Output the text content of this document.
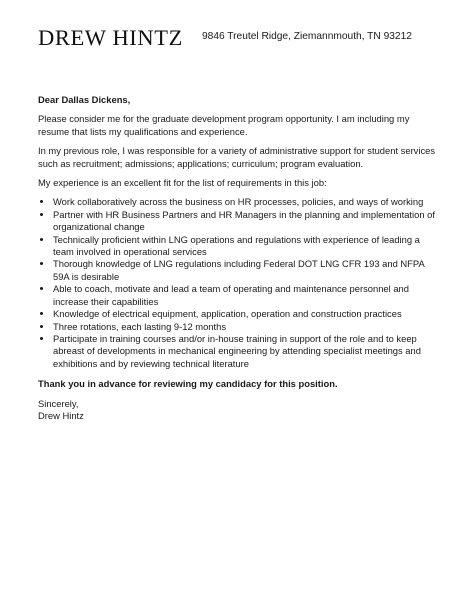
DREW HINTZ 9846 Treutel Ridge, Ziemannmouth, TN 93212
Dear Dallas Dickens,

Please consider me for the graduate development program opportunity. I am including my resume that lists my qualifications and experience.

In my previous role, I was responsible for a variety of administrative support for student services such as recruitment; admissions; applications; curriculum; program evaluation.

My experience is an excellent fit for the list of requirements in this job:

• Work collaboratively across the business on HR processes, policies, and ways of working
• Partner with HR Business Partners and HR Managers in the planning and implementation of organizational change
• Technically proficient within LNG operations and regulations with experience of leading a team involved in operational services
• Thorough knowledge of LNG regulations including Federal DOT LNG CFR 193 and NFPA 59A is desirable
• Able to coach, motivate and lead a team of operating and maintenance personnel and increase their capabilities
• Knowledge of electrical equipment, application, operation and construction practices
• Three rotations, each lasting 9-12 months
• Participate in training courses and/or in-house training in support of the role and to keep abreast of developments in mechanical engineering by attending specialist meetings and exhibitions and by reviewing technical literature
Thank you in advance for reviewing my candidacy for this position.
Sincerely,
Drew Hintz
